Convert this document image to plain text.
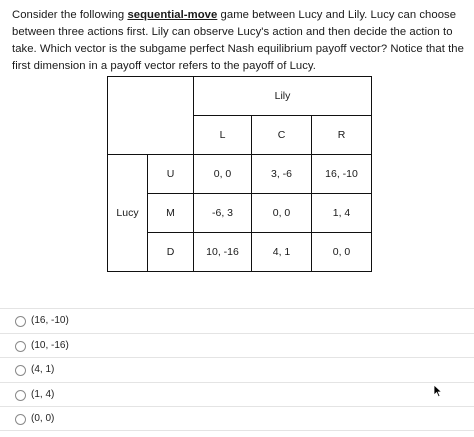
Consider the following sequential-move game between Lucy and Lily. Lucy can choose between three actions first. Lily can observe Lucy's action and then decide the action to take. Which vector is the subgame perfect Nash equilibrium payoff vector? Notice that the first dimension in a payoff vector refers to the payoff of Lucy.

		Lily		
		L	C	R
Lucy	U	0, 0	3, -6	16, -10
	M	-6, 3	0, 0	1, 4
	D	10, -16	4, 1	0, 0
(16, -10)
(10, -16)
(4, 1)
(1, 4)
(0, 0)
